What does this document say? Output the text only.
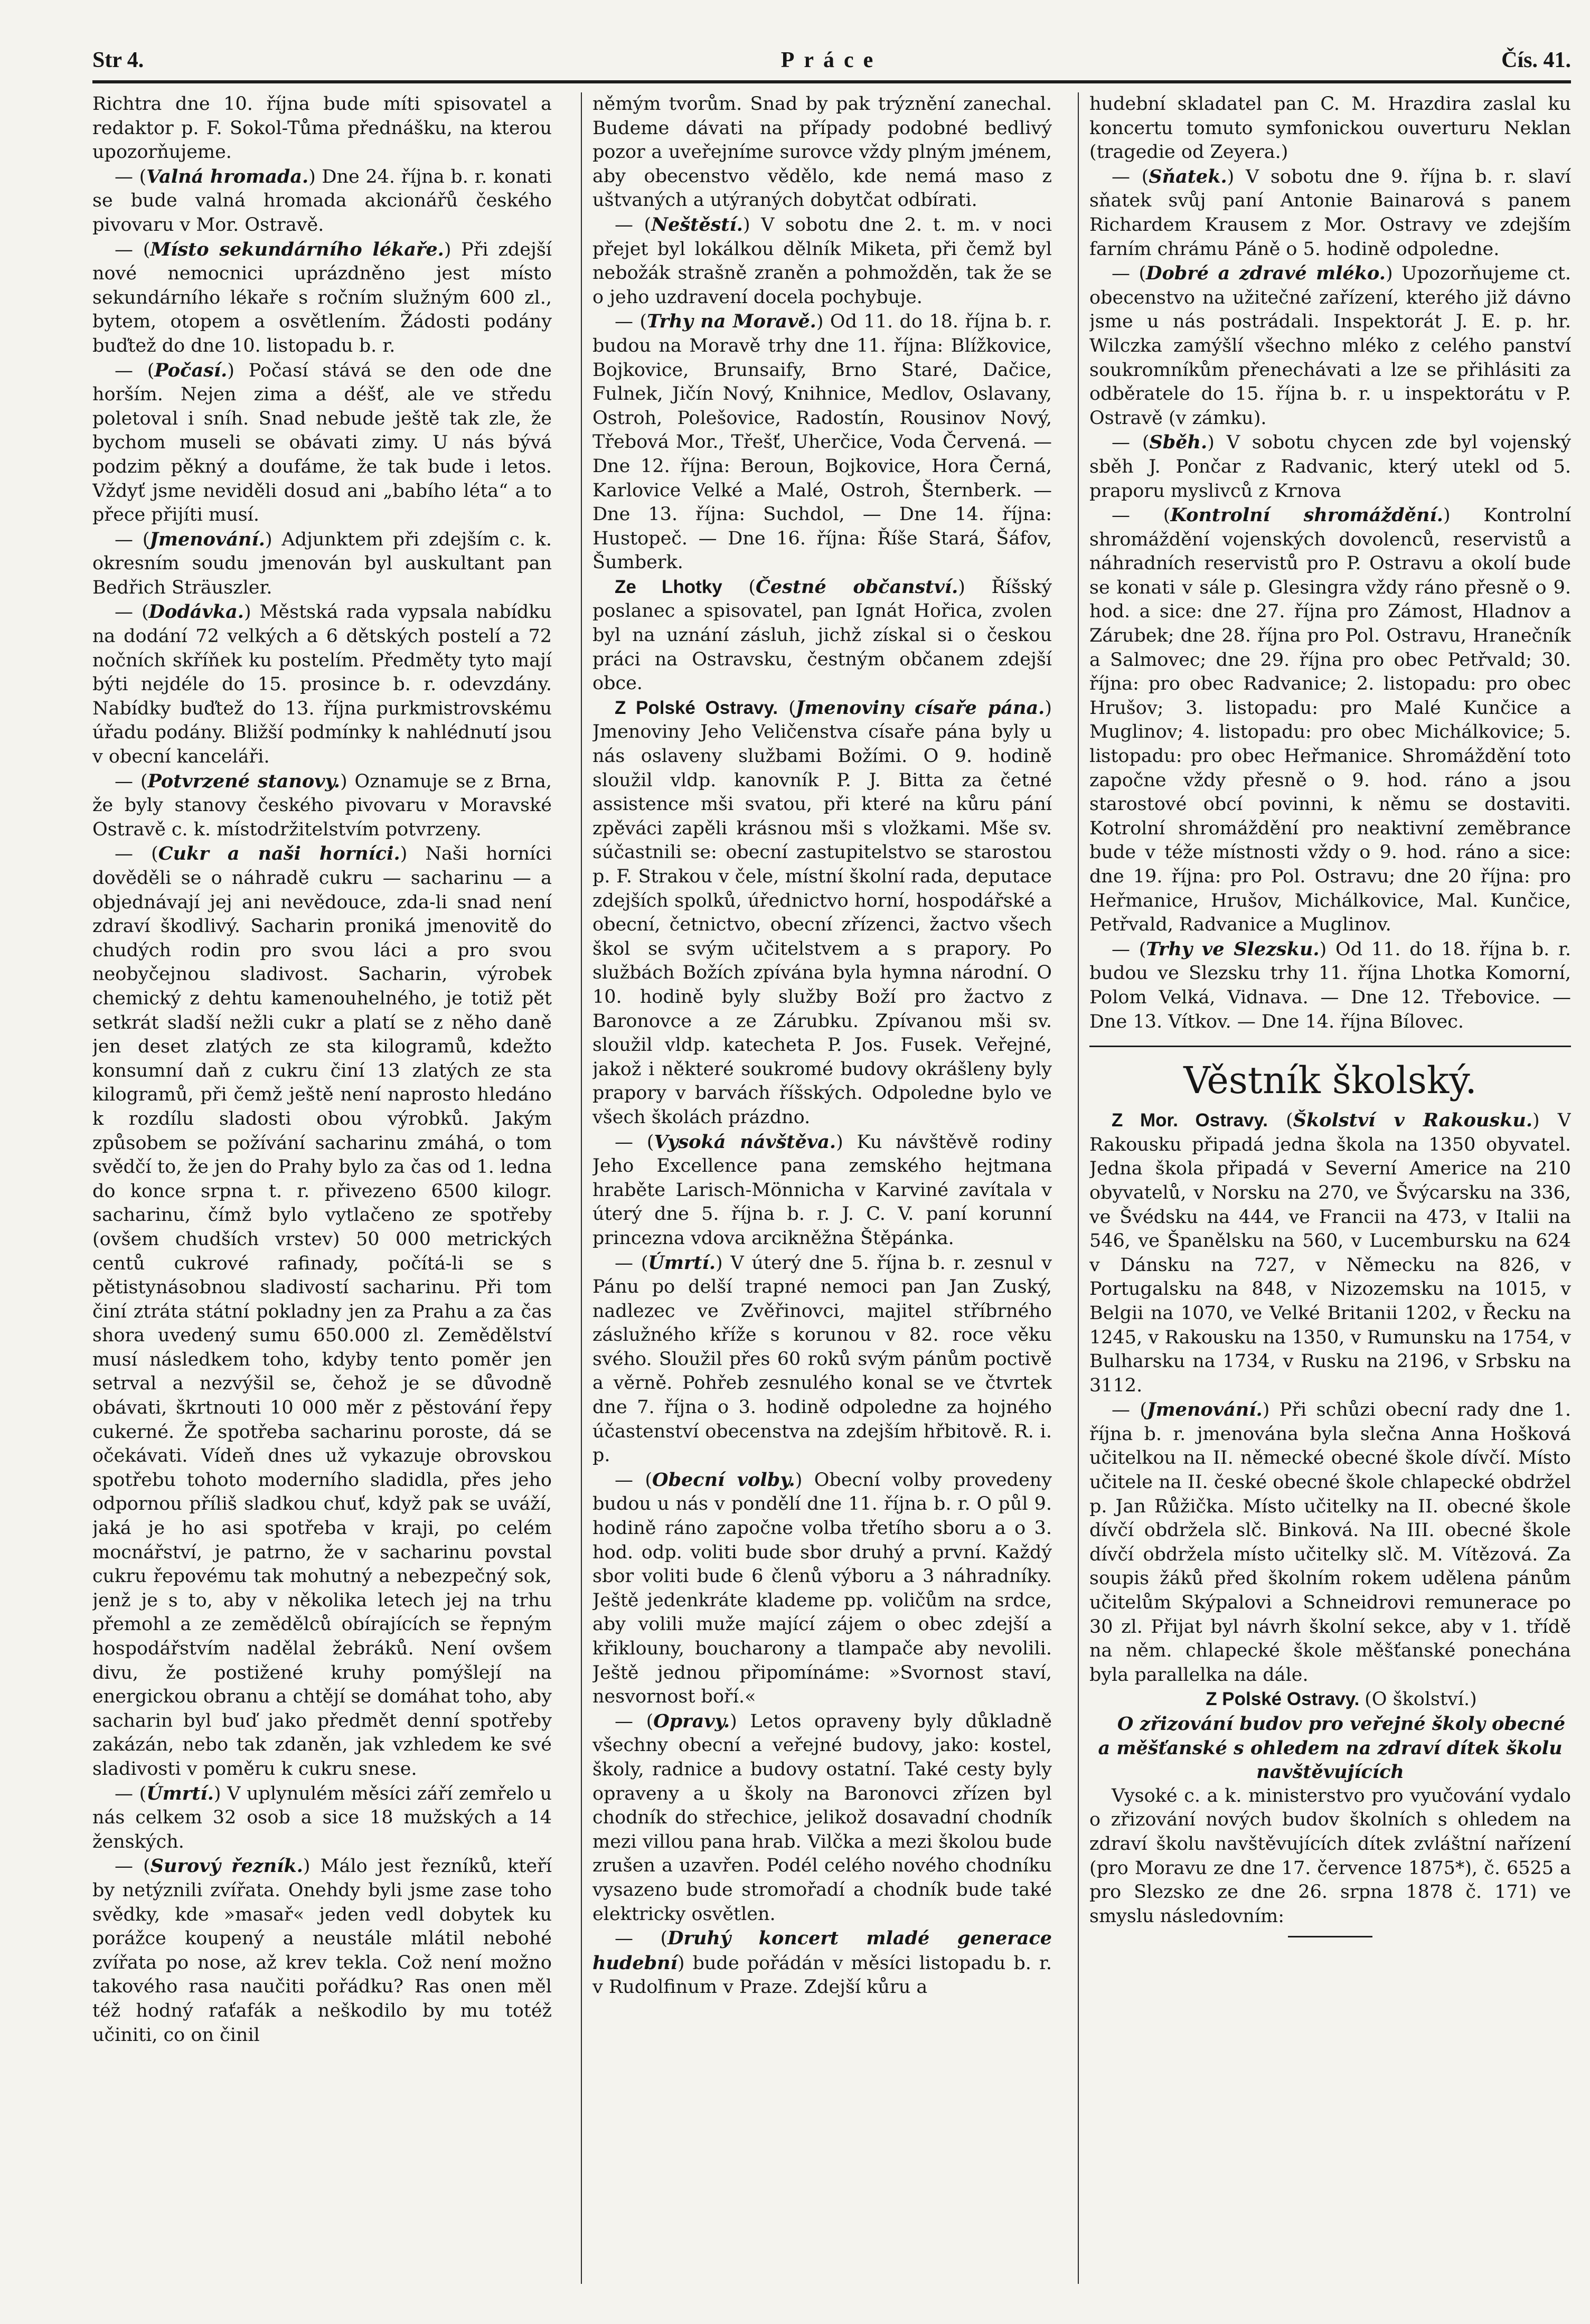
Str 4.	Práce	Čís. 41.

Richtra dne 10. října bude míti spisovatel a redaktor p. F. Sokol-Tůma přednášku, na kterou upozorňujeme.

— (Valná hromada.) Dne 24. října b. r. konati se bude valná hromada akcionářů českého pivovaru v Mor. Ostravě.

— (Místo sekundárního lékaře.) Při zdejší nové nemocnici uprázdněno jest místo sekundárního lékaře s ročním služným 600 zl., bytem, otopem a osvětlením. Žádosti podány buďtež do dne 10. listopadu b. r.

— (Počasí.) Počasí stává se den ode dne horším. Nejen zima a déšť, ale ve středu poletoval i sníh. Snad nebude ještě tak zle, že bychom museli se obávati zimy. U nás bývá podzim pěkný a doufáme, že tak bude i letos. Vždyť jsme neviděli dosud ani „babího léta“ a to přece přijíti musí.

— (Jmenování.) Adjunktem při zdejším c. k. okresním soudu jmenován byl auskultant pan Bedřich Sträuszler.

— (Dodávka.) Městská rada vypsala nabídku na dodání 72 velkých a 6 dětských postelí a 72 nočních skříňek ku postelím. Předměty tyto mají býti nejdéle do 15. prosince b. r. odevzdány. Nabídky buďtež do 13. října purkmistrovskému úřadu podány. Bližší podmínky k nahlédnutí jsou v obecní kanceláři.

— (Potvrzené stanovy.) Oznamuje se z Brna, že byly stanovy českého pivovaru v Moravské Ostravě c. k. místodržitelstvím potvrzeny.

— (Cukr a naši horníci.) Naši horníci dověděli se o náhradě cukru — sacharinu — a objednávají jej ani nevědouce, zda-li snad není zdraví škodlivý. Sacharin proniká jmenovitě do chudých rodin pro svou láci a pro svou neobyčejnou sladivost. Sacharin, výrobek chemický z dehtu kamenouhelného, je totiž pět setkrát sladší nežli cukr a platí se z něho daně jen deset zlatých ze sta kilogramů, kdežto konsumní daň z cukru činí 13 zlatých ze sta kilogramů, při čemž ještě není naprosto hledáno k rozdílu sladosti obou výrobků. Jakým způsobem se požívání sacharinu zmáhá, o tom svědčí to, že jen do Prahy bylo za čas od 1. ledna do konce srpna t. r. přivezeno 6500 kilogr. sacharinu, čímž bylo vytlačeno ze spotřeby (ovšem chudších vrstev) 50 000 metrických centů cukrové rafinady, počítá-li se s pětistynásobnou sladivostí sacharinu. Při tom činí ztráta státní pokladny jen za Prahu a za čas shora uvedený sumu 650.000 zl. Zemědělství musí následkem toho, kdyby tento poměr jen setrval a nezvýšil se, čehož je se důvodně obávati, škrtnouti 10 000 měr z pěstování řepy cukerné. Že spotřeba sacharinu poroste, dá se očekávati. Vídeň dnes už vykazuje obrovskou spotřebu tohoto moderního sladidla, přes jeho odpornou příliš sladkou chuť, když pak se uváží, jaká je ho asi spotřeba v kraji, po celém mocnářství, je patrno, že v sacharinu povstal cukru řepovému tak mohutný a nebezpečný sok, jenž je s to, aby v několika letech jej na trhu přemohl a ze zemědělců obírajících se řepným hospodářstvím nadělal žebráků. Není ovšem divu, že postižené kruhy pomýšlejí na energickou obranu a chtějí se domáhat toho, aby sacharin byl buď jako předmět denní spotřeby zakázán, nebo tak zdaněn, jak vzhledem ke své sladivosti v poměru k cukru snese.

— (Úmrtí.) V uplynulém měsíci září zemřelo u nás celkem 32 osob a sice 18 mužských a 14 ženských.

— (Surový řezník.) Málo jest řezníků, kteří by netýznili zvířata. Onehdy byli jsme zase toho svědky, kde »masař« jeden vedl dobytek ku porážce koupený a neustále mlátil nebohé zvířata po nose, až krev tekla. Což není možno takového rasa naučiti pořádku? Ras onen měl též hodný raťafák a neškodilo by mu totéž učiniti, co on činil

němým tvorům. Snad by pak trýznění zanechal. Budeme dávati na případy podobné bedlivý pozor a uveřejníme surovce vždy plným jménem, aby obecenstvo vědělo, kde nemá maso z uštvaných a utýraných dobytčat odbírati.

— (Neštěstí.) V sobotu dne 2. t. m. v noci přejet byl lokálkou dělník Miketa, při čemž byl nebožák strašně zraněn a pohmožděn, tak že se o jeho uzdravení docela pochybuje.

— (Trhy na Moravě.) Od 11. do 18. října b. r. budou na Moravě trhy dne 11. října: Blížkovice, Bojkovice, Brunsaify, Brno Staré, Dačice, Fulnek, Jičín Nový, Knihnice, Medlov, Oslavany, Ostroh, Polešovice, Radostín, Rousinov Nový, Třebová Mor., Třešť, Uherčice, Voda Červená. — Dne 12. října: Beroun, Bojkovice, Hora Černá, Karlovice Velké a Malé, Ostroh, Šternberk. — Dne 13. října: Suchdol, — Dne 14. října: Hustopeč. — Dne 16. října: Říše Stará, Šáfov, Šumberk.

Ze Lhotky (Čestné občanství.) Říšský poslanec a spisovatel, pan Ignát Hořica, zvolen byl na uznání zásluh, jichž získal si o českou práci na Ostravsku, čestným občanem zdejší obce.

Z Polské Ostravy. (Jmenoviny císaře pána.) Jmenoviny Jeho Veličenstva císaře pána byly u nás oslaveny službami Božími. O 9. hodině sloužil vldp. kanovník P. J. Bitta za četné assistence mši svatou, při které na kůru pání zpěváci zapěli krásnou mši s vložkami. Mše sv. súčastnili se: obecní zastupitelstvo se starostou p. F. Strakou v čele, místní školní rada, deputace zdejších spolků, úřednictvo horní, hospodářské a obecní, četnictvo, obecní zřízenci, žactvo všech škol se svým učitelstvem a s prapory. Po službách Božích zpívána byla hymna národní. O 10. hodině byly služby Boží pro žactvo z Baronovce a ze Zárubku. Zpívanou mši sv. sloužil vldp. katecheta P. Jos. Fusek. Veřejné, jakož i některé soukromé budovy okrášleny byly prapory v barvách říšských. Odpoledne bylo ve všech školách prázdno.

— (Vysoká návštěva.) Ku návštěvě rodiny Jeho Excellence pana zemského hejtmana hraběte Larisch-Mönnicha v Karviné zavítala v úterý dne 5. října b. r. J. C. V. paní korunní princezna vdova arcikněžna Štěpánka.

— (Úmrtí.) V úterý dne 5. října b. r. zesnul v Pánu po delší trapné nemoci pan Jan Zuský, nadlezec ve Zvěřinovci, majitel stříbrného záslužného kříže s korunou v 82. roce věku svého. Sloužil přes 60 roků svým pánům poctivě a věrně. Pohřeb zesnulého konal se ve čtvrtek dne 7. října o 3. hodině odpoledne za hojného účastenství obecenstva na zdejším hřbitově. R. i. p.

— (Obecní volby.) Obecní volby provedeny budou u nás v pondělí dne 11. října b. r. O půl 9. hodině ráno započne volba třetího sboru a o 3. hod. odp. voliti bude sbor druhý a první. Každý sbor voliti bude 6 členů výboru a 3 náhradníky. Ještě jedenkráte klademe pp. voličům na srdce, aby volili muže mající zájem o obec zdejší a křiklouny, boucharony a tlampače aby nevolili. Ještě jednou připomínáme: »Svornost staví, nesvornost boří.«

— (Opravy.) Letos opraveny byly důkladně všechny obecní a veřejné budovy, jako: kostel, školy, radnice a budovy ostatní. Také cesty byly opraveny a u školy na Baronovci zřízen byl chodník do střechice, jelikož dosavadní chodník mezi villou pana hrab. Vilčka a mezi školou bude zrušen a uzavřen. Podél celého nového chodníku vysazeno bude stromořadí a chodník bude také elektricky osvětlen.

— (Druhý koncert mladé generace hudební) bude pořádán v měsíci listopadu b. r. v Rudolfinum v Praze. Zdejší kůru a

hudební skladatel pan C. M. Hrazdira zaslal ku koncertu tomuto symfonickou ouverturu Neklan (tragedie od Zeyera.)

— (Sňatek.) V sobotu dne 9. října b. r. slaví sňatek svůj paní Antonie Bainarová s panem Richardem Krausem z Mor. Ostravy ve zdejším farním chrámu Páně o 5. hodině odpoledne.

— (Dobré a zdravé mléko.) Upozorňujeme ct. obecenstvo na užitečné zařízení, kterého již dávno jsme u nás postrádali. Inspektorát J. E. p. hr. Wilczka zamýšlí všechno mléko z celého panství soukromníkům přenechávati a lze se přihlásiti za odběratele do 15. října b. r. u inspektorátu v P. Ostravě (v zámku).

— (Sběh.) V sobotu chycen zde byl vojenský sběh J. Pončar z Radvanic, který utekl od 5. praporu myslivců z Krnova

— (Kontrolní shromáždění.) Kontrolní shromáždění vojenských dovolenců, reservistů a náhradních reservistů pro P. Ostravu a okolí bude se konati v sále p. Glesingra vždy ráno přesně o 9. hod. a sice: dne 27. října pro Zámost, Hladnov a Zárubek; dne 28. října pro Pol. Ostravu, Hranečník a Salmovec; dne 29. října pro obec Petřvald; 30. října: pro obec Radvanice; 2. listopadu: pro obec Hrušov; 3. listopadu: pro Malé Kunčice a Muglinov; 4. listopadu: pro obec Michálkovice; 5. listopadu: pro obec Heřmanice. Shromáždění toto započne vždy přesně o 9. hod. ráno a jsou starostové obcí povinni, k němu se dostaviti. Kotrolní shromáždění pro neaktivní zeměbrance bude v téže místnosti vždy o 9. hod. ráno a sice: dne 19. října: pro Pol. Ostravu; dne 20 října: pro Heřmanice, Hrušov, Michálkovice, Mal. Kunčice, Petřvald, Radvanice a Muglinov.

— (Trhy ve Slezsku.) Od 11. do 18. října b. r. budou ve Slezsku trhy 11. října Lhotka Komorní, Polom Velká, Vidnava. — Dne 12. Třebovice. — Dne 13. Vítkov. — Dne 14. října Bílovec.

Věstník školský.

Z Mor. Ostravy. (Školství v Rakousku.) V Rakousku připadá jedna škola na 1350 obyvatel. Jedna škola připadá v Severní Americe na 210 obyvatelů, v Norsku na 270, ve Švýcarsku na 336, ve Švédsku na 444, ve Francii na 473, v Italii na 546, ve Španělsku na 560, v Lucembursku na 624 v Dánsku na 727, v Německu na 826, v Portugalsku na 848, v Nizozemsku na 1015, v Belgii na 1070, ve Velké Britanii 1202, v Řecku na 1245, v Rakousku na 1350, v Rumunsku na 1754, v Bulharsku na 1734, v Rusku na 2196, v Srbsku na 3112.

— (Jmenování.) Při schůzi obecní rady dne 1. října b. r. jmenována byla slečna Anna Hošková učitelkou na II. německé obecné škole dívčí. Místo učitele na II. české obecné škole chlapecké obdržel p. Jan Růžička. Místo učitelky na II. obecné škole dívčí obdržela slč. Binková. Na III. obecné škole dívčí obdržela místo učitelky slč. M. Vítězová. Za soupis žáků před školním rokem udělena pánům učitelům Skýpalovi a Schneidrovi remunerace po 30 zl. Přijat byl návrh školní sekce, aby v 1. třídě na něm. chlapecké škole měšťanské ponechána byla parallelka na dále.

Z Polské Ostravy. (O školství.)

O zřizování budov pro veřejné školy obecné a měšťanské s ohledem na zdraví dítek školu navštěvujících

Vysoké c. a k. ministerstvo pro vyučování vydalo o zřizování nových budov školních s ohledem na zdraví školu navštěvujících dítek zvláštní nařízení (pro Moravu ze dne 17. července 1875*), č. 6525 a pro Slezsko ze dne 26. srpna 1878 č. 171) ve smyslu následovním:
